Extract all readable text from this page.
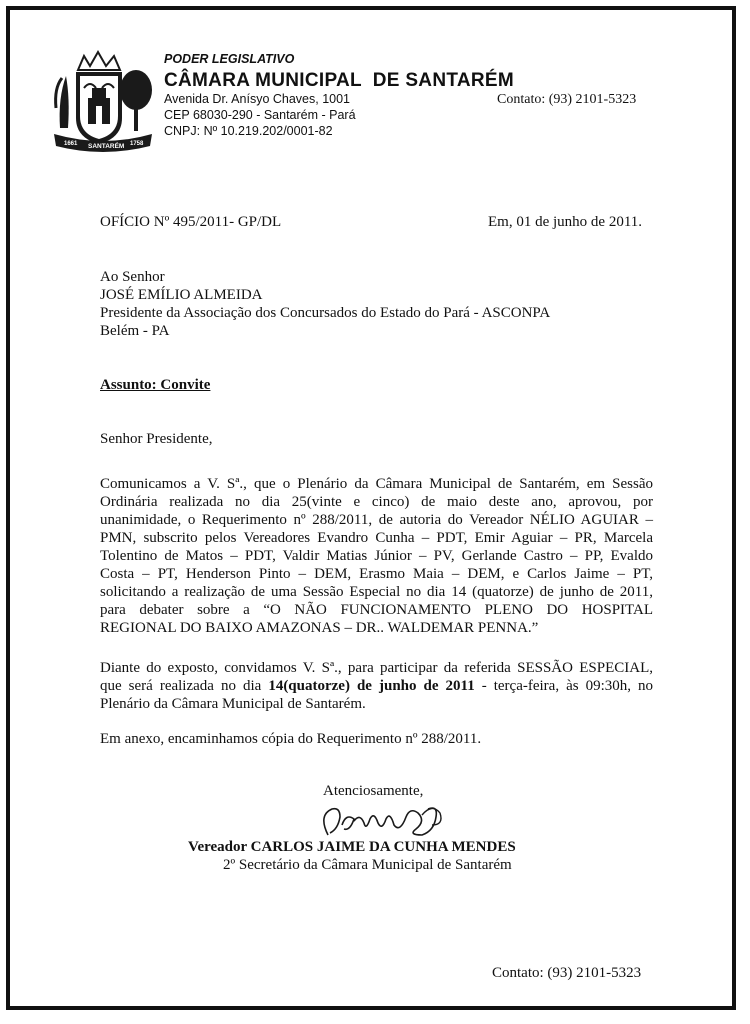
1661 SANTARÉM 1758
PODER LEGISLATIVO
CÂMARA MUNICIPAL  DE SANTARÉM
Avenida Dr. Anísyo Chaves, 1001
CEP 68030-290 - Santarém - Pará
CNPJ: Nº 10.219.202/0001-82
Contato: (93) 2101-5323
OFÍCIO Nº 495/2011- GP/DL	Em, 01 de junho de 2011.
Ao Senhor
JOSÉ EMÍLIO ALMEIDA
Presidente da Associação dos Concursados do Estado do Pará - ASCONPA
Belém - PA
Assunto: Convite
Senhor Presidente,
Comunicamos a V. Sª., que o Plenário da Câmara Municipal de Santarém, em Sessão
Ordinária realizada no dia 25(vinte e cinco) de maio deste ano, aprovou, por
unanimidade, o Requerimento nº 288/2011, de autoria do Vereador NÉLIO AGUIAR –
PMN, subscrito pelos Vereadores Evandro Cunha – PDT, Emir Aguiar – PR, Marcela
Tolentino de Matos – PDT, Valdir Matias Júnior – PV, Gerlande Castro – PP, Evaldo
Costa – PT, Henderson Pinto – DEM, Erasmo Maia – DEM, e Carlos Jaime – PT,
solicitando a realização de uma Sessão Especial no dia 14 (quatorze) de junho de 2011,
para debater sobre a “O NÃO FUNCIONAMENTO PLENO DO HOSPITAL
REGIONAL DO BAIXO AMAZONAS – DR.. WALDEMAR PENNA.”
Diante do exposto, convidamos V. Sª., para participar da referida SESSÃO ESPECIAL,
que será realizada no dia 14(quatorze) de junho de 2011 - terça-feira, às 09:30h, no
Plenário da Câmara Municipal de Santarém.
Em anexo, encaminhamos cópia do Requerimento nº 288/2011.
Atenciosamente,
Vereador CARLOS JAIME DA CUNHA MENDES
2º Secretário da Câmara Municipal de Santarém
Contato: (93) 2101-5323
